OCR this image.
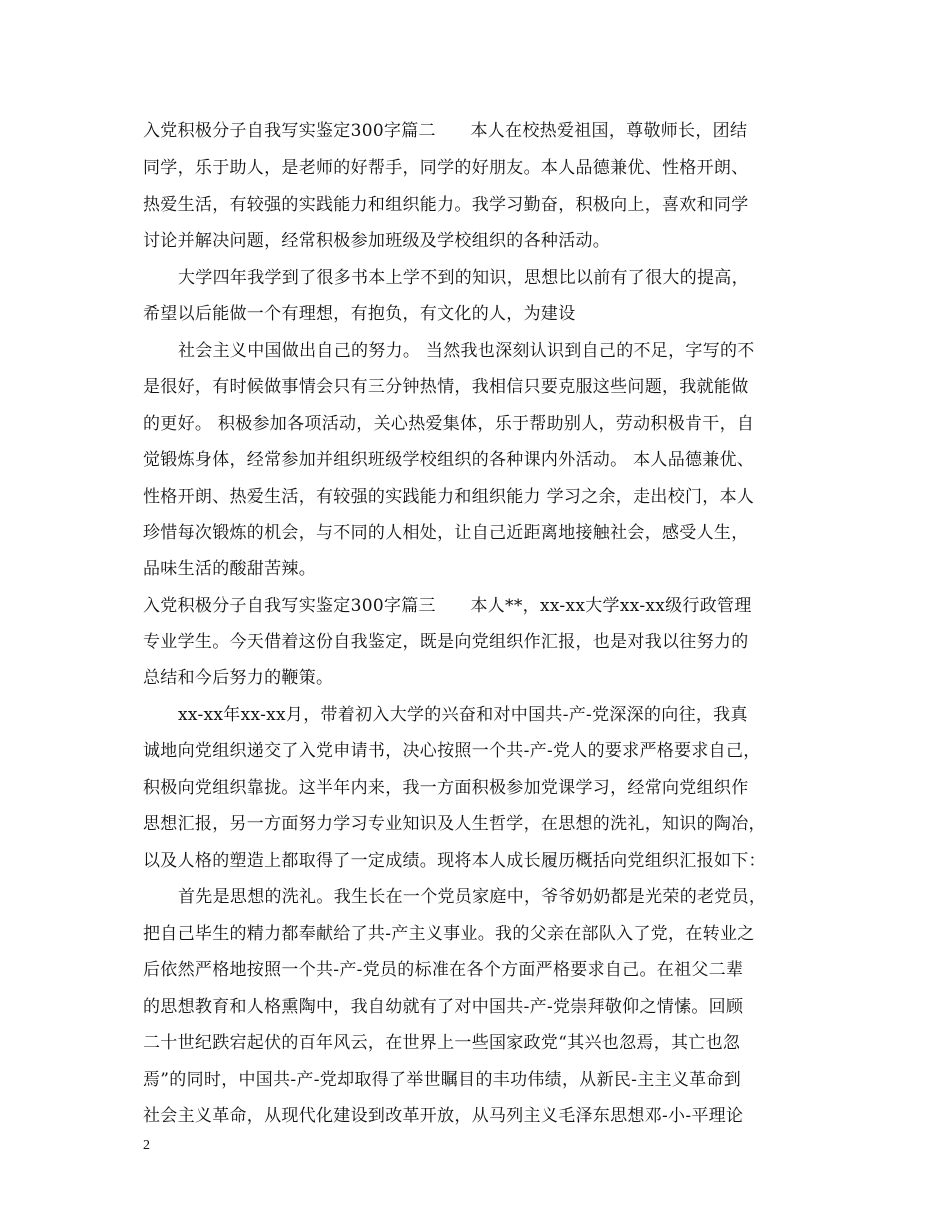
入党积极分子自我写实鉴定300字篇二　　本人在校热爱祖国，尊敬师长，团结
同学，乐于助人，是老师的好帮手，同学的好朋友。本人品德兼优、性格开朗、
热爱生活，有较强的实践能力和组织能力。我学习勤奋，积极向上，喜欢和同学
讨论并解决问题，经常积极参加班级及学校组织的各种活动。
大学四年我学到了很多书本上学不到的知识，思想比以前有了很大的提高，
希望以后能做一个有理想，有抱负，有文化的人，为建设
社会主义中国做出自己的努力。 当然我也深刻认识到自己的不足，字写的不
是很好，有时候做事情会只有三分钟热情，我相信只要克服这些问题，我就能做
的更好。 积极参加各项活动，关心热爱集体，乐于帮助别人，劳动积极肯干，自
觉锻炼身体，经常参加并组织班级学校组织的各种课内外活动。 本人品德兼优、
性格开朗、热爱生活，有较强的实践能力和组织能力 学习之余，走出校门，本人
珍惜每次锻炼的机会，与不同的人相处，让自己近距离地接触社会，感受人生，
品味生活的酸甜苦辣。
入党积极分子自我写实鉴定300字篇三　　本人**，xx-xx大学xx-xx级行政管理
专业学生。今天借着这份自我鉴定，既是向党组织作汇报，也是对我以往努力的
总结和今后努力的鞭策。
xx-xx年xx-xx月，带着初入大学的兴奋和对中国共-产-党深深的向往，我真
诚地向党组织递交了入党申请书，决心按照一个共-产-党人的要求严格要求自己，
积极向党组织靠拢。这半年内来，我一方面积极参加党课学习，经常向党组织作
思想汇报，另一方面努力学习专业知识及人生哲学，在思想的洗礼，知识的陶冶，
以及人格的塑造上都取得了一定成绩。现将本人成长履历概括向党组织汇报如下：
首先是思想的洗礼。我生长在一个党员家庭中，爷爷奶奶都是光荣的老党员，
把自己毕生的精力都奉献给了共-产主义事业。我的父亲在部队入了党，在转业之
后依然严格地按照一个共-产-党员的标准在各个方面严格要求自己。在祖父二辈
的思想教育和人格熏陶中，我自幼就有了对中国共-产-党崇拜敬仰之情愫。回顾
二十世纪跌宕起伏的百年风云，在世界上一些国家政党“其兴也忽焉，其亡也忽
焉”的同时，中国共-产-党却取得了举世瞩目的丰功伟绩，从新民-主主义革命到
社会主义革命，从现代化建设到改革开放，从马列主义毛泽东思想邓-小-平理论
2
